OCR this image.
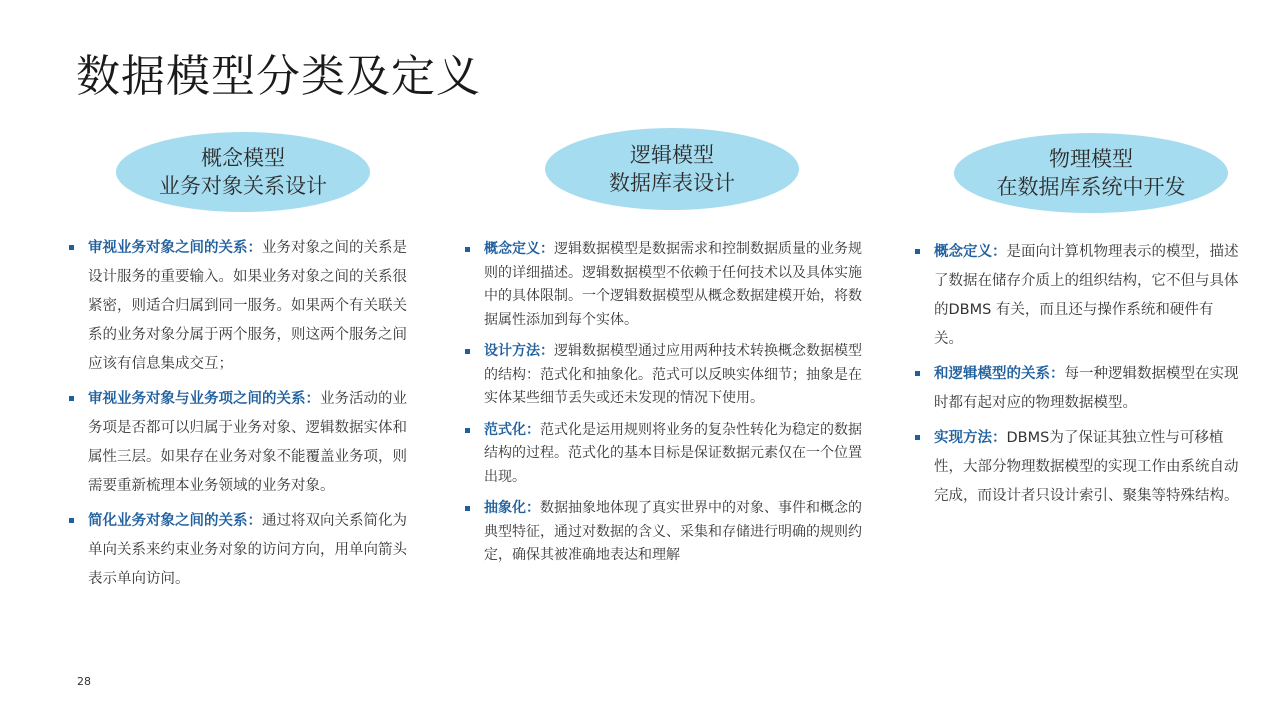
数据模型分类及定义
概念模型
业务对象关系设计
审视业务对象之间的关系：业务对象之间的关系是设计服务的重要输入。如果业务对象之间的关系很紧密，则适合归属到同一服务。如果两个有关联关系的业务对象分属于两个服务，则这两个服务之间应该有信息集成交互；
审视业务对象与业务项之间的关系：业务活动的业务项是否都可以归属于业务对象、逻辑数据实体和属性三层。如果存在业务对象不能覆盖业务项，则需要重新梳理本业务领域的业务对象。
简化业务对象之间的关系：通过将双向关系简化为单向关系来约束业务对象的访问方向，用单向箭头表示单向访问。
逻辑模型
数据库表设计
概念定义：逻辑数据模型是数据需求和控制数据质量的业务规则的详细描述。逻辑数据模型不依赖于任何技术以及具体实施中的具体限制。一个逻辑数据模型从概念数据建模开始，将数据属性添加到每个实体。
设计方法：逻辑数据模型通过应用两种技术转换概念数据模型的结构：范式化和抽象化。范式可以反映实体细节；抽象是在实体某些细节丢失或还未发现的情况下使用。
范式化：范式化是运用规则将业务的复杂性转化为稳定的数据结构的过程。范式化的基本目标是保证数据元素仅在一个位置出现。
抽象化：数据抽象地体现了真实世界中的对象、事件和概念的典型特征，通过对数据的含义、采集和存储进行明确的规则约定，确保其被准确地表达和理解
物理模型
在数据库系统中开发
概念定义：是面向计算机物理表示的模型，描述了数据在储存介质上的组织结构，它不但与具体的DBMS 有关，而且还与操作系统和硬件有关。
和逻辑模型的关系：每一种逻辑数据模型在实现时都有起对应的物理数据模型。
实现方法：DBMS为了保证其独立性与可移植性，大部分物理数据模型的实现工作由系统自动完成，而设计者只设计索引、聚集等特殊结构。
28
